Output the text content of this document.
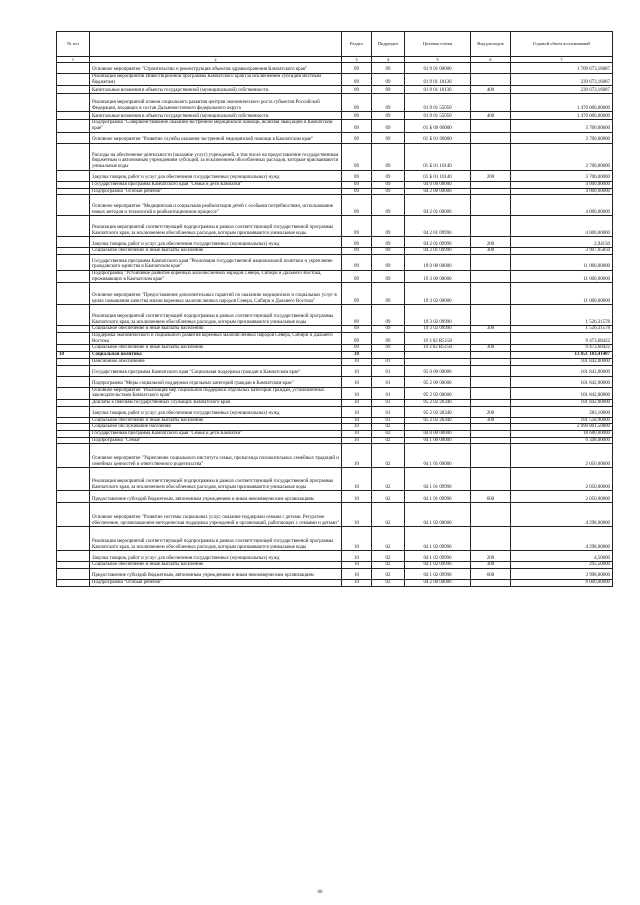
№ п/п		Раздел	Подраздел	Целевая статья	Вид расходов	Годовой объем ассигнований
1	2	3	4	5	6	7
	Основное мероприятие "Строительство и реконструкция объектов здравоохранения Камчатского края"	09	09	01 9 01 00000		1 709 673,16087
	Реализация мероприятий Инвестиционной программы Камчатского края (за исключением субсидий местным бюджетам)	09	09	01 9 01 10130		239 673,16087
	Капитальные вложения в объекты государственной (муниципальной) собственности	09	09	01 9 01 10130	400	239 673,16087
	Реализация мероприятий планов социального развития центров экономического роста субъектов Российской Федерации, входящих в состав Дальневосточного федерального округа	09	09	01 9 01 55050		1 470 000,00000
	Капитальные вложения в объекты государственной (муниципальной) собственности	09	09	01 9 01 55050	400	1 470 000,00000
	Подпрограмма "Совершенствование оказания экстренной медицинской помощи, включая эвакуацию в Камчатском крае"	09	09	01 Б 00 00000		3 700,00000
	Основное мероприятие "Развитие службы оказания экстренной медицинской помощи в Камчатском крае"	09	09	01 Б 01 00000		3 700,00000
	Расходы на обеспечение деятельности (оказание услуг) учреждений, в том числе на предоставление государственным бюджетным и автономным учреждениям субсидий, за исключением обособленных расходов, которым присваиваются уникальные коды	09	09	01 Б 01 10140		3 700,00000
	Закупка товаров, работ и услуг для обеспечения государственных (муниципальных) нужд	09	09	01 Б 01 10140	200	3 700,00000
	Государственная программа Камчатского края "Семья и дети Камчатки"	09	09	04 0 00 00000		4 000,00000
	Подпрограмма "Особый ребенок"	09	09	04 2 00 00000		4 000,00000
	Основное мероприятие "Медицинская и социальная реабилитация детей с особыми потребностями, использование новых методов и технологий в реабилитационном процессе"	09	09	04 2 01 00000		4 000,00000
	Реализация мероприятий соответствующей подпрограммы в рамках соответствующей государственной программы Камчатского края, за исключением обособленных расходов, которым присваиваются уникальные коды	09	09	04 2 01 09990		4 000,00000
	Закупка товаров, работ и услуг для обеспечения государственных (муниципальных) нужд	09	09	04 2 01 09990	200	2,94150
	Социальное обеспечение и иные выплаты населению	09	09	04 2 01 09990	300	3 997,05850
	Государственная программа Камчатского края "Реализация государственной национальной политики и укрепление гражданского единства в Камчатском крае"	09	09	19 0 00 00000		11 000,00000
	Подпрограмма "Устойчивое развитие коренных малочисленных народов Севера, Сибири и Дальнего Востока, проживающих в Камчатском крае"	09	09	19 3 00 00000		11 000,00000
	Основное мероприятие "Предоставление дополнительных гарантий по оказанию медицинских и социальных услуг в целях повышения качества жизни коренных малочисленных народов Севера, Сибири и Дальнего Востока"	09	09	19 3 02 00000		11 000,00000
	Реализация мероприятий соответствующей подпрограммы в рамках соответствующей государственной программы Камчатского края, за исключением обособленных расходов, которым присваиваются уникальные коды	09	09	19 3 02 09990		1 526,31578
	Социальное обеспечение и иные выплаты населению	09	09	19 3 02 09990	300	1 526,31578
	Поддержка экономического и социального развития коренных малочисленных народов Севера, Сибири и Дальнего Востока	09	09	19 3 02 R5150		9 473,68422
	Социальное обеспечение и иные выплаты населению	09	09	19 3 02 R5150	300	9 473,68422
10	Социальная политика	10				13 851 183,41487
	Пенсионное обеспечение	10	01			101 842,00000
	Государственная программа Камчатского края "Социальная поддержка граждан в Камчатском крае"	10	01	05 0 00 00000		101 842,00000
	Подпрограмма "Меры социальной поддержки отдельных категорий граждан в Камчатском крае"	10	01	05 2 00 00000		101 842,00000
	Основное мероприятие "Реализация мер социальной поддержки отдельных категорий граждан, установленных законодательством Камчатского края"	10	01	05 2 02 00000		101 842,00000
	Доплаты к пенсиям государственных служащих Камчатского края	10	01	05 2 02 20340		101 842,00000
	Закупка товаров, работ и услуг для обеспечения государственных (муниципальных) нужд	10	01	05 2 02 20340	200	283,10000
	Социальное обеспечение и иные выплаты населению	10	01	05 2 02 20340	300	101 558,90000
	Социальное обслуживание населения	10	02			2 090 801,50800
	Государственная программа Камчатского края "Семья и дети Камчатки"	10	02	04 0 00 00000		18 680,00000
	Подпрограмма "Семья"	10	02	04 1 00 00000		6 348,00000
	Основное мероприятие "Укрепление социального института семьи, пропаганда положительных семейных традиций и семейных ценностей и ответственного родительства"	10	02	04 1 01 00000		2 050,00000
	Реализация мероприятий соответствующей подпрограммы в рамках соответствующей государственной программы Камчатского края, за исключением обособленных расходов, которым присваиваются уникальные коды	10	02	04 1 01 09990		2 050,00000
	Предоставление субсидий бюджетным, автономным учреждениям и иным некоммерческим организациям	10	02	04 1 01 09990	600	2 050,00000
	Основное мероприятие "Развитие системы социальных услуг, оказание поддержки семьям с детьми. Ресурсное обеспечение, организационно-методическая поддержка учреждений и организаций, работающих с семьями и детьми"	10	02	04 1 02 00000		4 298,00000
	Реализация мероприятий соответствующей подпрограммы в рамках соответствующей государственной программы Камчатского края, за исключением обособленных расходов, которым присваиваются уникальные коды	10	02	04 1 02 09990		4 298,00000
	Закупка товаров, работ и услуг для обеспечения государственных (муниципальных) нужд	10	02	04 1 02 09990	200	4,50000
	Социальное обеспечение и иные выплаты населению	10	02	04 1 02 09990	300	295,50000
	Предоставление субсидий бюджетным, автономным учреждениям и иным некоммерческим организациям	10	02	04 1 02 09990	600	3 998,00000
	Подпрограмма "Особый ребенок"	10	02	04 2 00 00000		6 000,00000
66
